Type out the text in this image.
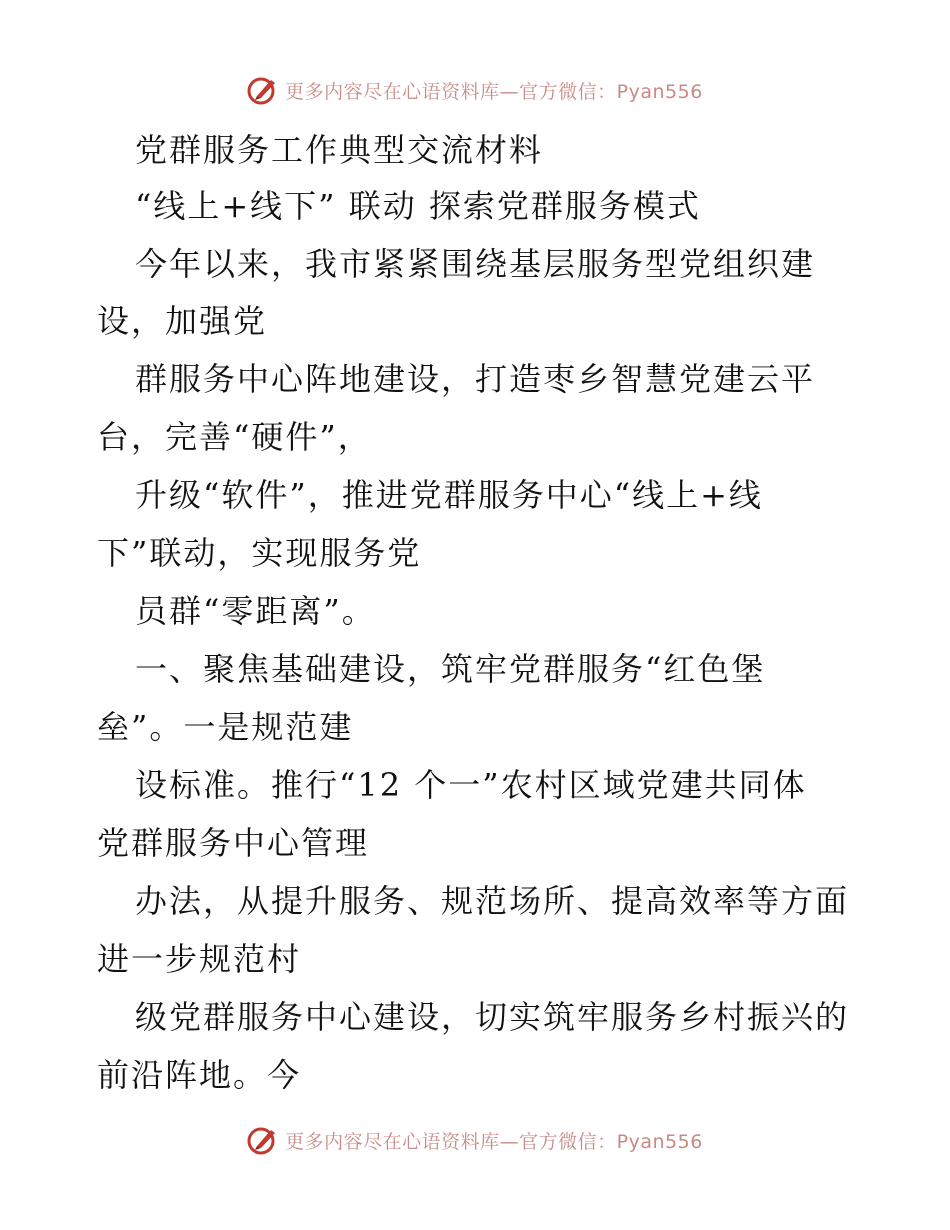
更多内容尽在心语资料库—官方微信：Pyan556
党群服务工作典型交流材料
“线上+线下” 联动 探索党群服务模式
今年以来，我市紧紧围绕基层服务型党组织建
设，加强党
群服务中心阵地建设，打造枣乡智慧党建云平
台，完善“硬件”，
升级“软件”，推进党群服务中心“线上+线
下”联动，实现服务党
员群“零距离”。
一、聚焦基础建设，筑牢党群服务“红色堡
垒”。一是规范建
设标准。推行“12 个一”农村区域党建共同体
党群服务中心管理
办法，从提升服务、规范场所、提高效率等方面
进一步规范村
级党群服务中心建设，切实筑牢服务乡村振兴的
前沿阵地。今
更多内容尽在心语资料库—官方微信：Pyan556
